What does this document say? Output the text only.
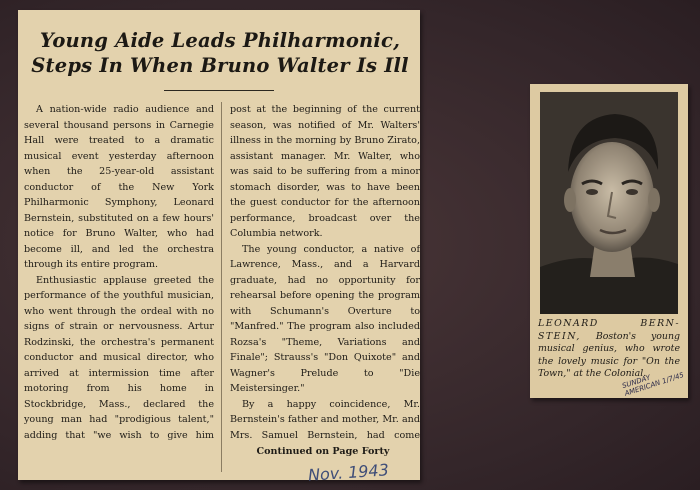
Young Aide Leads Philharmonic, Steps In When Bruno Walter Is Ill

A nation-wide radio audience and several thousand persons in Carnegie Hall were treated to a dramatic musical event yesterday afternoon when the 25-year-old assistant conductor of the New York Philharmonic Symphony, Leonard Bernstein, substituted on a few hours' notice for Bruno Walter, who had become ill, and led the orchestra through its entire program.

Enthusiastic applause greeted the performance of the youthful musician, who went through the ordeal with no signs of strain or nervousness. Artur Rodzinski, the orchestra's permanent conductor and musical director, who arrived at intermission time after motoring from his home in Stockbridge, Mass., declared the young man had "prodigious talent," adding that "we wish to give him

post at the beginning of the current season, was notified of Mr. Walters' illness in the morning by Bruno Zirato, assistant manager. Mr. Walter, who was said to be suffering from a minor stomach disorder, was to have been the guest conductor for the afternoon performance, broadcast over the Columbia network.

The young conductor, a native of Lawrence, Mass., and a Harvard graduate, had no opportunity for rehearsal before opening the program with Schumann's Overture to "Manfred." The program also included Rozsa's "Theme, Variations and Finale"; Strauss's "Don Quixote" and Wagner's Prelude to "Die Meistersinger."

By a happy coincidence, Mr. Bernstein's father and mother, Mr. and Mrs. Samuel Bernstein, had come

Continued on Page Forty
Nov. 1943
LEONARD BERN-STEIN, Boston's young musical genius, who wrote the lovely music for "On the Town," at the Colonial.
SUNDAY AMERICAN 1/7/45
